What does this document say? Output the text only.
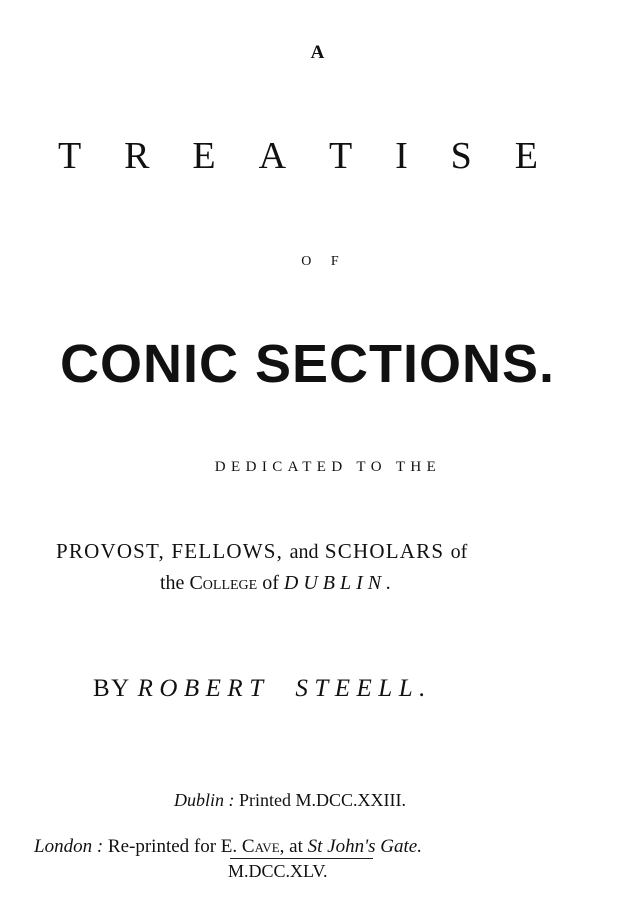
A
T R E A T I S E
O F
CONIC SECTIONS.
DEDICATED TO THE
PROVOST, FELLOWS, and SCHOLARS of
the College of DUBLIN.
BY ROBERT STEELL.
Dublin : Printed M.DCC.XXIII.
London : Re-printed for E. Cave, at St John's Gate.
M.DCC.XLV.
